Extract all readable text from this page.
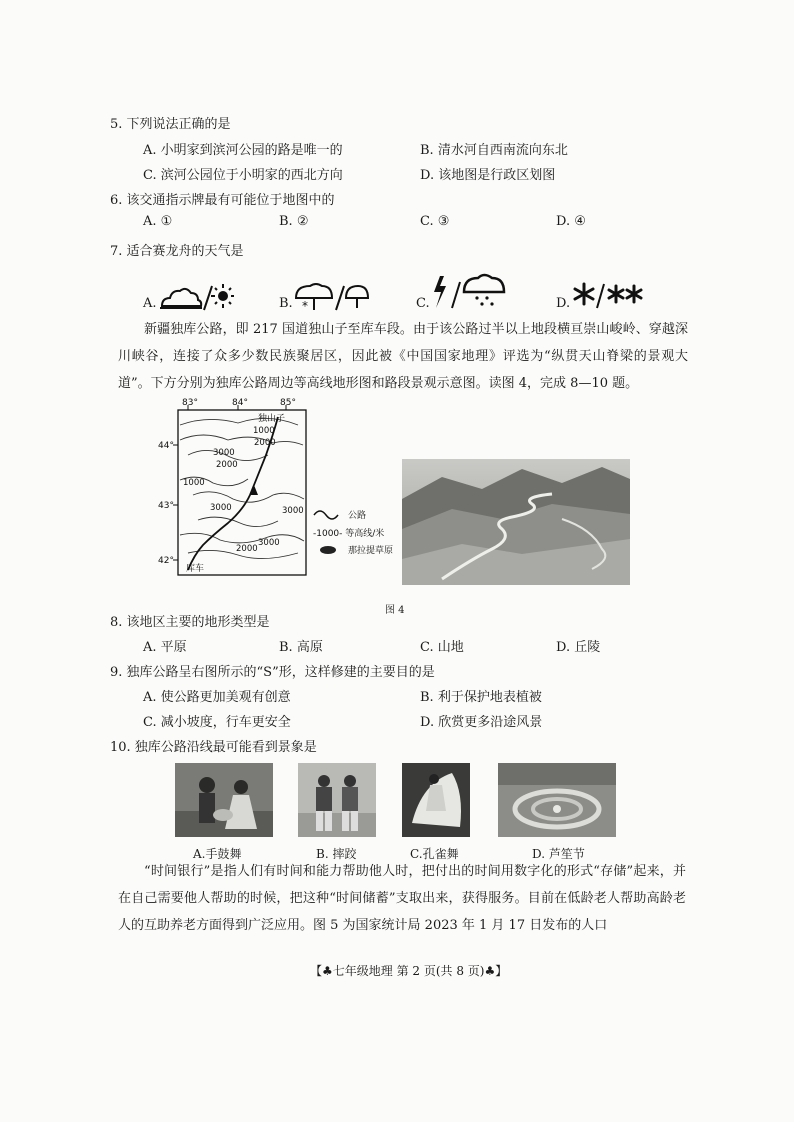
5. 下列说法正确的是
A. 小明家到滨河公园的路是唯一的	B. 清水河自西南流向东北
C. 滨河公园位于小明家的西北方向	D. 该地图是行政区划图
6. 该交通指示牌最有可能位于地图中的
A. ①	B. ②	C. ③	D. ④
7. 适合赛龙舟的天气是
A.	B. *	C.	D.
新疆独库公路，即 217 国道独山子至库车段。由于该公路过半以上地段横亘崇山峻岭、穿越深川峡谷，连接了众多少数民族聚居区，因此被《中国国家地理》评选为“纵贯天山脊梁的景观大道”。下方分别为独库公路周边等高线地形图和路段景观示意图。读图 4，完成 8—10 题。
83°	84°	85°
44°
43°
42°
1000
2000
3000
2000
1000
3000	3000
3000
2000
独山子
库车
公路
-1000- 等高线/米
那拉提草原
图 4
8. 该地区主要的地形类型是
A. 平原	B. 高原	C. 山地	D. 丘陵
9. 独库公路呈右图所示的“S”形，这样修建的主要目的是
A. 使公路更加美观有创意	B. 利于保护地表植被
C. 减小坡度，行车更安全	D. 欣赏更多沿途风景
10. 独库公路沿线最可能看到景象是
A.手鼓舞	B. 摔跤	C.孔雀舞	D. 芦笙节
“时间银行”是指人们有时间和能力帮助他人时，把付出的时间用数字化的形式“存储”起来，并在自己需要他人帮助的时候，把这种“时间储蓄”支取出来，获得服务。目前在低龄老人帮助高龄老人的互助养老方面得到广泛应用。图 5 为国家统计局 2023 年 1 月 17 日发布的人口
【♣七年级地理 第 2 页(共 8 页)♣】
